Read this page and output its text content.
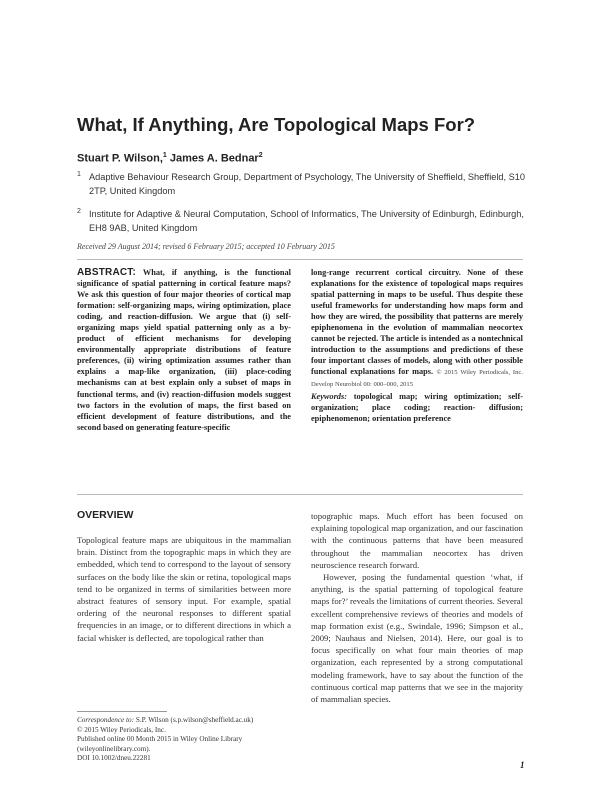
What, If Anything, Are Topological Maps For?
Stuart P. Wilson,$^1$ James A. Bednar$^2$
1 Adaptive Behaviour Research Group, Department of Psychology, The University of Sheffield, Sheffield, S10 2TP, United Kingdom
2 Institute for Adaptive & Neural Computation, School of Informatics, The University of Edinburgh, Edinburgh, EH8 9AB, United Kingdom
Received 29 August 2014; revised 6 February 2015; accepted 10 February 2015
ABSTRACT: What, if anything, is the functional significance of spatial patterning in cortical feature maps? We ask this question of four major theories of cortical map formation: self-organizing maps, wiring optimization, place coding, and reaction-diffusion. We argue that (i) self-organizing maps yield spatial patterning only as a by-product of efficient mechanisms for developing environmentally appropriate distributions of feature preferences, (ii) wiring optimization assumes rather than explains a map-like organization, (iii) place-coding mechanisms can at best explain only a subset of maps in functional terms, and (iv) reaction-diffusion models suggest two factors in the evolution of maps, the first based on efficient development of feature distributions, and the second based on generating feature-specific
long-range recurrent cortical circuitry. None of these explanations for the existence of topological maps requires spatial patterning in maps to be useful. Thus despite these useful frameworks for understanding how maps form and how they are wired, the possibility that patterns are merely epiphenomena in the evolution of mammalian neocortex cannot be rejected. The article is intended as a nontechnical introduction to the assumptions and predictions of these four important classes of models, along with other possible functional explanations for maps. © 2015 Wiley Periodicals, Inc. Develop Neurobiol 00: 000–000, 2015
Keywords: topological map; wiring optimization; self-organization; place coding; reaction- diffusion; epiphenomenon; orientation preference
OVERVIEW

Topological feature maps are ubiquitous in the mammalian brain. Distinct from the topographic maps in which they are embedded, which tend to correspond to the layout of sensory surfaces on the body like the skin or retina, topological maps tend to be organized in terms of similarities between more abstract features of sensory input. For example, spatial ordering of the neuronal responses to different spatial frequencies in an image, or to different directions in which a facial whisker is deflected, are topological rather than

topographic maps. Much effort has been focused on explaining topological map organization, and our fascination with the continuous patterns that have been measured throughout the mammalian neocortex has driven neuroscience research forward.

However, posing the fundamental question ‘what, if anything, is the spatial patterning of topological feature maps for?’ reveals the limitations of current theories. Several excellent comprehensive reviews of theories and models of map formation exist (e.g., Swindale, 1996; Simpson et al., 2009; Nauhaus and Nielsen, 2014). Here, our goal is to focus specifically on what four main theories of map organization, each represented by a strong computational modeling framework, have to say about the function of the continuous cortical map patterns that we see in the majority of mammalian species.

Correspondence to: S.P. Wilson (s.p.wilson@sheffield.ac.uk)
© 2015 Wiley Periodicals, Inc.
Published online 00 Month 2015 in Wiley Online Library (wileyonlinelibrary.com).
DOI 10.1002/dneu.22281
1
